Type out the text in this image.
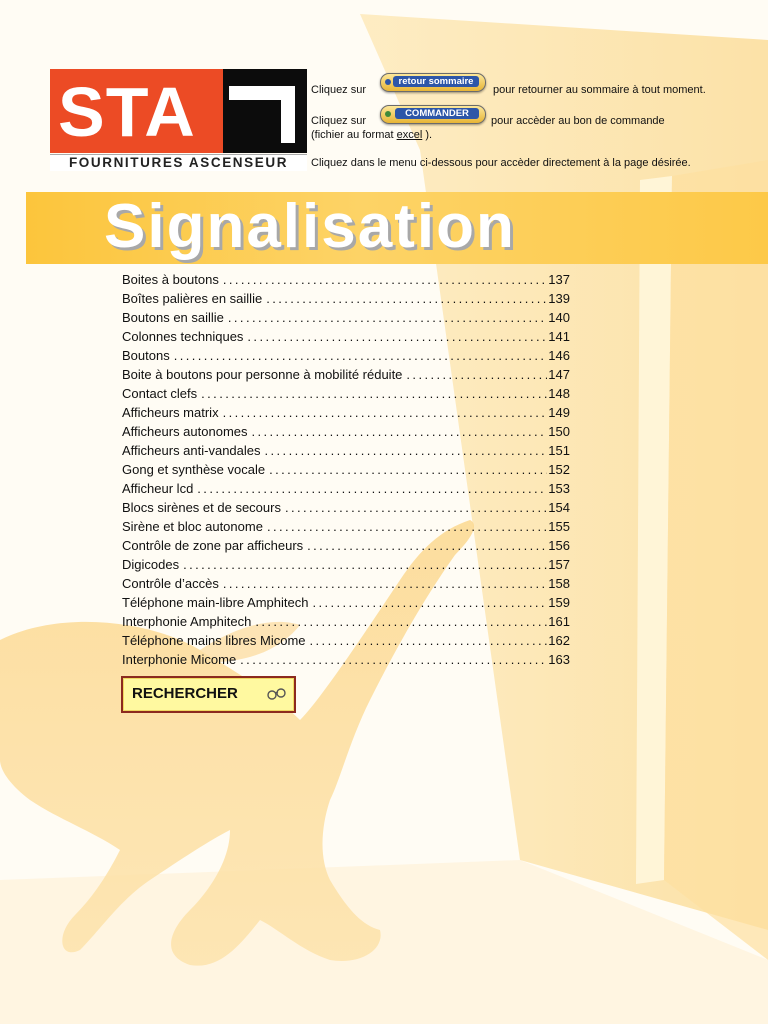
STA
FOURNITURES ASCENSEUR
Cliquez sur
retour sommaire
pour retourner au sommaire à tout moment.
Cliquez sur
COMMANDER
pour accèder au bon de commande
(fichier au format excel ).
Cliquez dans le menu ci-dessous pour accèder directement à la page désirée.
Signalisation
Boites à boutons .....	137
Boîtes palières en saillie .....	139
Boutons en saillie .....	140
Colonnes techniques .....	141
Boutons .....	146
Boite à boutons pour personne à mobilité réduite .....	147
Contact clefs .....	148
Afficheurs matrix .....	149
Afficheurs autonomes .....	150
Afficheurs anti-vandales .....	151
Gong et synthèse vocale .....	152
Afficheur lcd .....	153
Blocs sirènes et de secours .....	154
Sirène et bloc autonome .....	155
Contrôle de zone par afficheurs .....	156
Digicodes .....	157
Contrôle d’accès .....	158
Téléphone main-libre Amphitech .....	159
Interphonie Amphitech .....	161
Téléphone mains libres Micome .....	162
Interphonie Micome .....	163
RECHERCHER
